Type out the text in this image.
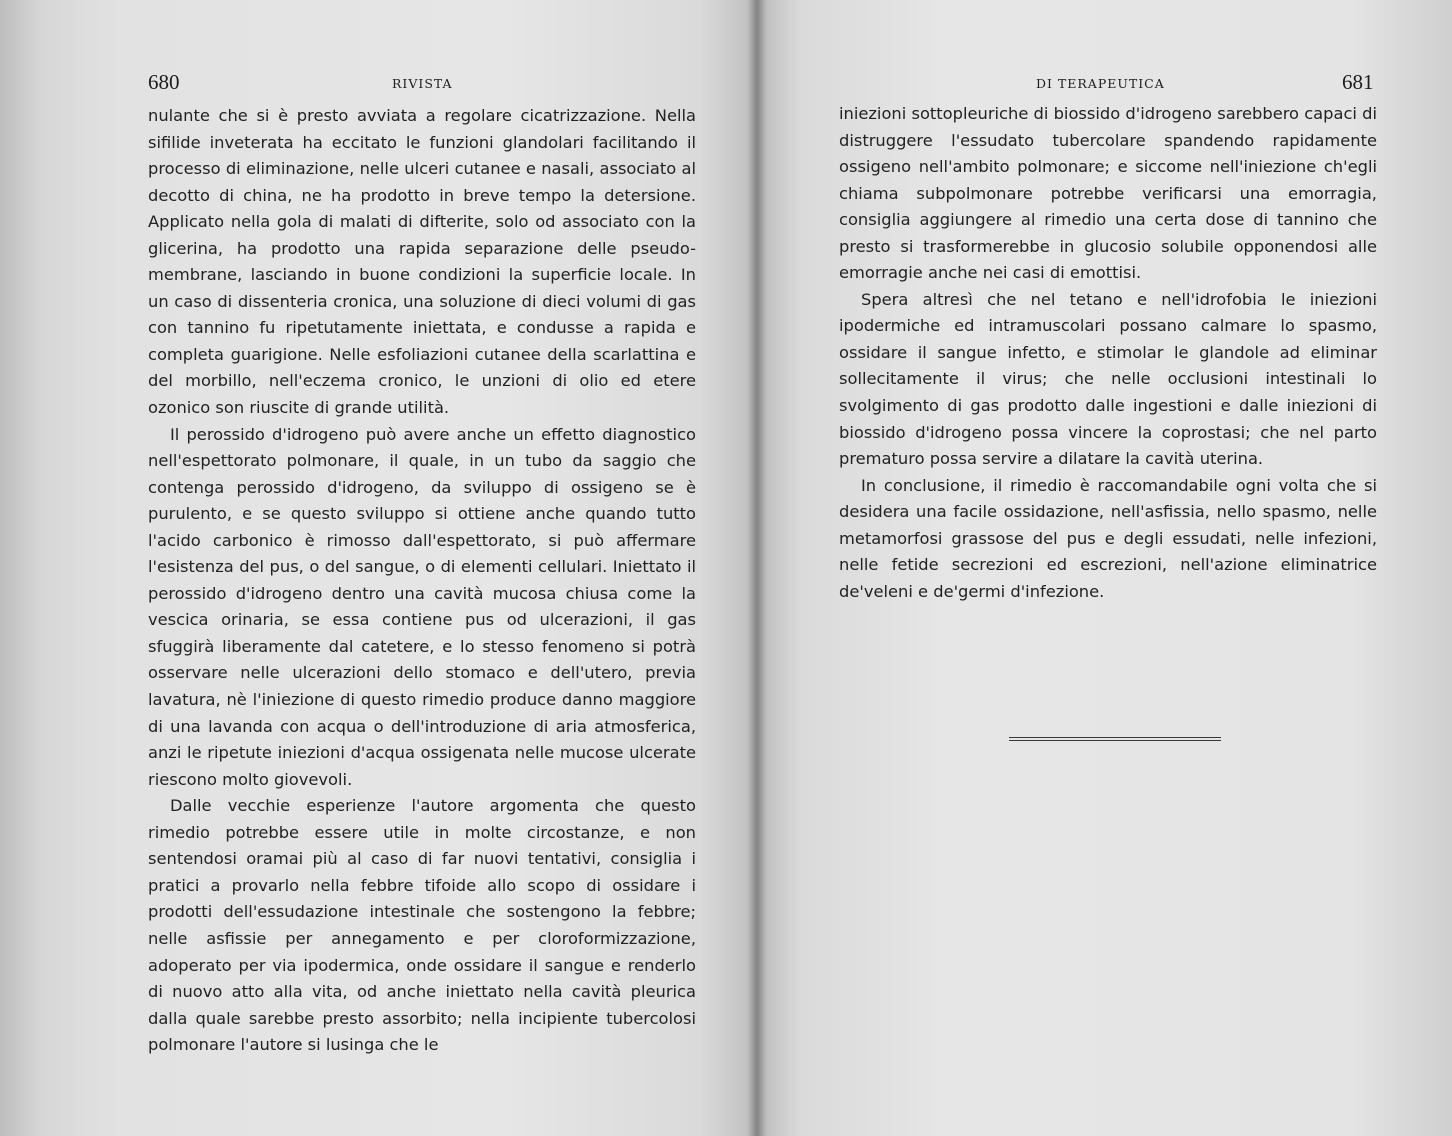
680	RIVISTA

nulante che si è presto avviata a regolare cicatrizzazione. Nella sifilide inveterata ha eccitato le funzioni glandolari facilitando il processo di eliminazione, nelle ulceri cutanee e nasali, associato al decotto di china, ne ha prodotto in breve tempo la detersione. Applicato nella gola di malati di difterite, solo od associato con la glicerina, ha prodotto una rapida separazione delle pseudo-membrane, lasciando in buone condizioni la superficie locale. In un caso di dissenteria cronica, una soluzione di dieci volumi di gas con tannino fu ripetutamente iniettata, e condusse a rapida e completa guarigione. Nelle esfoliazioni cutanee della scarlattina e del morbillo, nell'eczema cronico, le unzioni di olio ed etere ozonico son riuscite di grande utilità.

Il perossido d'idrogeno può avere anche un effetto diagnostico nell'espettorato polmonare, il quale, in un tubo da saggio che contenga perossido d'idrogeno, da sviluppo di ossigeno se è purulento, e se questo sviluppo si ottiene anche quando tutto l'acido carbonico è rimosso dall'espettorato, si può affermare l'esistenza del pus, o del sangue, o di elementi cellulari. Iniettato il perossido d'idrogeno dentro una cavità mucosa chiusa come la vescica orinaria, se essa contiene pus od ulcerazioni, il gas sfuggirà liberamente dal catetere, e lo stesso fenomeno si potrà osservare nelle ulcerazioni dello stomaco e dell'utero, previa lavatura, nè l'iniezione di questo rimedio produce danno maggiore di una lavanda con acqua o dell'introduzione di aria atmosferica, anzi le ripetute iniezioni d'acqua ossigenata nelle mucose ulcerate riescono molto giovevoli.

Dalle vecchie esperienze l'autore argomenta che questo rimedio potrebbe essere utile in molte circostanze, e non sentendosi oramai più al caso di far nuovi tentativi, consiglia i pratici a provarlo nella febbre tifoide allo scopo di ossidare i prodotti dell'essudazione intestinale che sostengono la febbre; nelle asfissie per annegamento e per cloroformizzazione, adoperato per via ipodermica, onde ossidare il sangue e renderlo di nuovo atto alla vita, od anche iniettato nella cavità pleurica dalla quale sarebbe presto assorbito; nella incipiente tubercolosi polmonare l'autore si lusinga che le

DI TERAPEUTICA	681

iniezioni sottopleuriche di biossido d'idrogeno sarebbero capaci di distruggere l'essudato tubercolare spandendo rapidamente ossigeno nell'ambito polmonare; e siccome nell'iniezione ch'egli chiama subpolmonare potrebbe verificarsi una emorragia, consiglia aggiungere al rimedio una certa dose di tannino che presto si trasformerebbe in glucosio solubile opponendosi alle emorragie anche nei casi di emottisi.

Spera altresì che nel tetano e nell'idrofobia le iniezioni ipodermiche ed intramuscolari possano calmare lo spasmo, ossidare il sangue infetto, e stimolar le glandole ad eliminar sollecitamente il virus; che nelle occlusioni intestinali lo svolgimento di gas prodotto dalle ingestioni e dalle iniezioni di biossido d'idrogeno possa vincere la coprostasi; che nel parto prematuro possa servire a dilatare la cavità uterina.

In conclusione, il rimedio è raccomandabile ogni volta che si desidera una facile ossidazione, nell'asfissia, nello spasmo, nelle metamorfosi grassose del pus e degli essudati, nelle infezioni, nelle fetide secrezioni ed escrezioni, nell'azione eliminatrice de'veleni e de'germi d'infezione.
